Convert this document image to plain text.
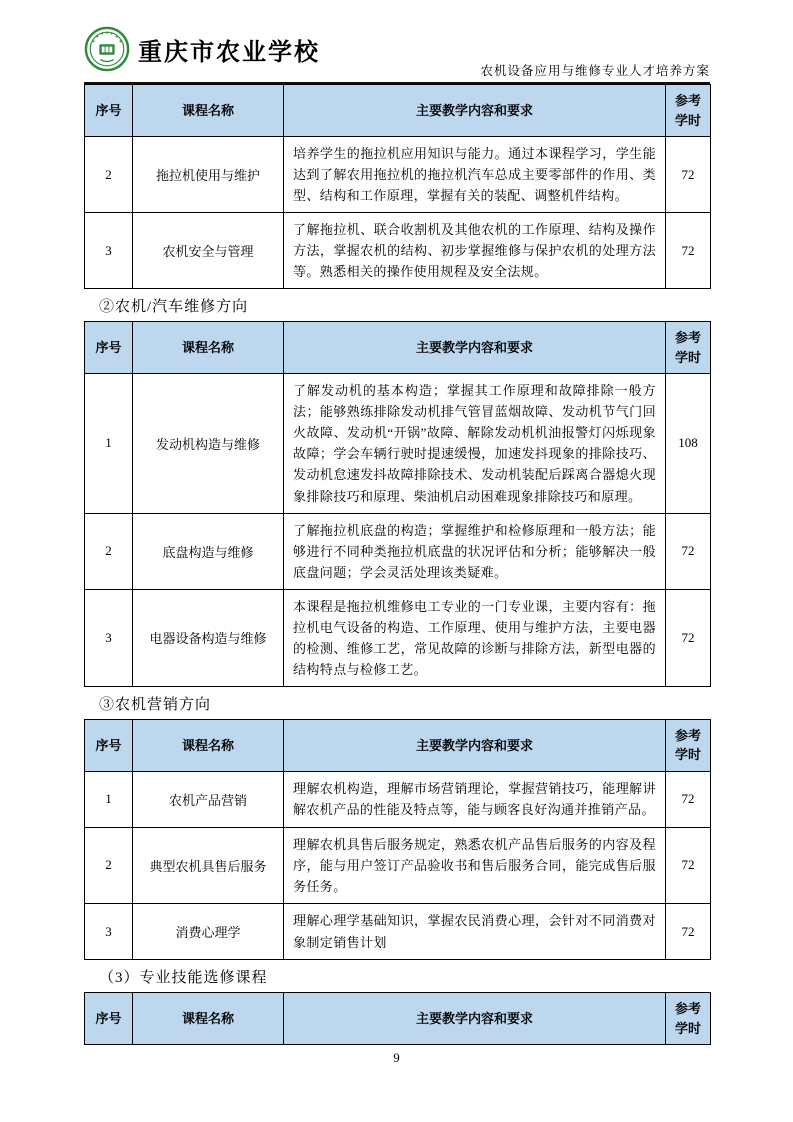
重庆市农业学校
农机设备应用与维修专业人才培养方案
序号	课程名称	主要教学内容和要求	参考
学时

2	拖拉机使用与维护	培养学生的拖拉机应用知识与能力。通过本课程学习，学生能达到了解农用拖拉机的拖拉机汽车总成主要零部件的作用、类型、结构和工作原理，掌握有关的装配、调整机件结构。	72
3	农机安全与管理	了解拖拉机、联合收割机及其他农机的工作原理、结构及操作方法，掌握农机的结构、初步掌握维修与保护农机的处理方法等。熟悉相关的操作使用规程及安全法规。	72
②农机/汽车维修方向
序号	课程名称	主要教学内容和要求	参考
学时

1	发动机构造与维修	了解发动机的基本构造；掌握其工作原理和故障排除一般方法；能够熟练排除发动机排气管冒蓝烟故障、发动机节气门回火故障、发动机“开锅”故障、解除发动机机油报警灯闪烁现象故障；学会车辆行驶时提速缓慢，加速发抖现象的排除技巧、发动机怠速发抖故障排除技术、发动机装配后踩离合器熄火现象排除技巧和原理、柴油机启动困难现象排除技巧和原理。	108
2	底盘构造与维修	了解拖拉机底盘的构造；掌握维护和检修原理和一般方法；能够进行不同种类拖拉机底盘的状况评估和分析；能够解决一般底盘问题；学会灵活处理该类疑难。	72
3	电器设备构造与维修	本课程是拖拉机维修电工专业的一门专业课，主要内容有：拖拉机电气设备的构造、工作原理、使用与维护方法，主要电器的检测、维修工艺，常见故障的诊断与排除方法，新型电器的结构特点与检修工艺。	72
③农机营销方向
序号	课程名称	主要教学内容和要求	参考
学时

1	农机产品营销	理解农机构造，理解市场营销理论，掌握营销技巧，能理解讲解农机产品的性能及特点等，能与顾客良好沟通并推销产品。	72
2	典型农机具售后服务	理解农机具售后服务规定，熟悉农机产品售后服务的内容及程序，能与用户签订产品验收书和售后服务合同，能完成售后服务任务。	72
3	消费心理学	理解心理学基础知识，掌握农民消费心理，会针对不同消费对象制定销售计划	72
（3）专业技能选修课程
序号	课程名称	主要教学内容和要求	
参考
学时
9
